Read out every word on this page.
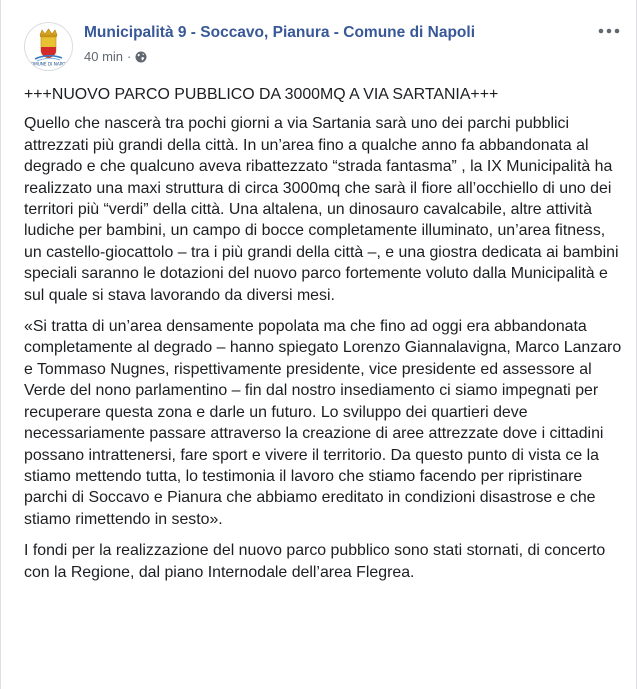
COMUNE DI NAPOLI
Municipalità 9 - Soccavo, Pianura - Comune di Napoli
40 min ·

+++NUOVO PARCO PUBBLICO DA 3000MQ A VIA SARTANIA+++

Quello che nascerà tra pochi giorni a via Sartania sarà uno dei parchi pubblici attrezzati più grandi della città. In un’area fino a qualche anno fa abbandonata al degrado e che qualcuno aveva ribattezzato “strada fantasma” , la IX Municipalità ha realizzato una maxi struttura di circa 3000mq che sarà il fiore all’occhiello di uno dei territori più “verdi” della città. Una altalena, un dinosauro cavalcabile, altre attività ludiche per bambini, un campo di bocce completamente illuminato, un’area fitness, un castello-giocattolo – tra i più grandi della città –, e una giostra dedicata ai bambini speciali saranno le dotazioni del nuovo parco fortemente voluto dalla Municipalità e sul quale si stava lavorando da diversi mesi.

«Si tratta di un’area densamente popolata ma che fino ad oggi era abbandonata completamente al degrado – hanno spiegato Lorenzo Giannalavigna, Marco Lanzaro e Tommaso Nugnes, rispettivamente presidente, vice presidente ed assessore al Verde del nono parlamentino – fin dal nostro insediamento ci siamo impegnati per recuperare questa zona e darle un futuro. Lo sviluppo dei quartieri deve necessariamente passare attraverso la creazione di aree attrezzate dove i cittadini possano intrattenersi, fare sport e vivere il territorio. Da questo punto di vista ce la stiamo mettendo tutta, lo testimonia il lavoro che stiamo facendo per ripristinare parchi di Soccavo e Pianura che abbiamo ereditato in condizioni disastrose e che stiamo rimettendo in sesto».

I fondi per la realizzazione del nuovo parco pubblico sono stati stornati, di concerto con la Regione, dal piano Internodale dell’area Flegrea.
